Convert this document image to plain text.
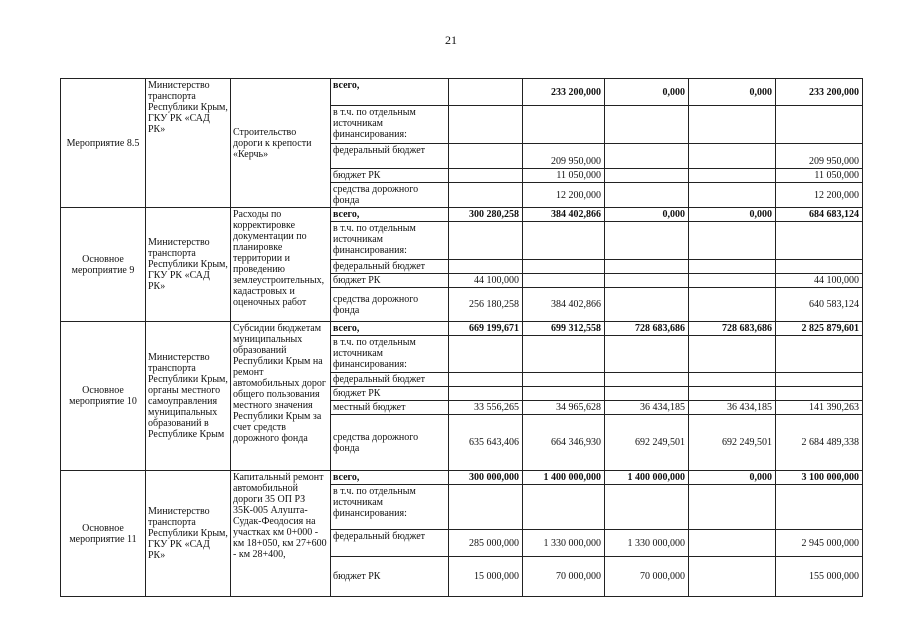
21
Мероприятие 8.5	Министерство транспорта Республики Крым, ГКУ РК «САД РК»	Строительство дороги к крепости «Керчь»	всего,		233 200,000	0,000	0,000	233 200,000
			в т.ч. по отдельным источникам финансирования:					
			федеральный бюджет		209 950,000			209 950,000
			бюджет РК		11 050,000			11 050,000
			средства дорожного фонда		12 200,000			12 200,000
Основное мероприятие 9	Министерство транспорта Республики Крым, ГКУ РК «САД РК»	Расходы по корректировке документации по планировке территории и проведению землеустроительных, кадастровых и оценочных работ	всего,	300 280,258	384 402,866	0,000	0,000	684 683,124
			в т.ч. по отдельным источникам финансирования:					
			федеральный бюджет					
			бюджет РК	44 100,000				44 100,000
			средства дорожного фонда	256 180,258	384 402,866			640 583,124
Основное мероприятие 10	Министерство транспорта Республики Крым, органы местного самоуправления муниципальных образований в Республике Крым	Субсидии бюджетам муниципальных образований Республики Крым на ремонт автомобильных дорог общего пользования местного значения Республики Крым за счет средств дорожного фонда	всего,	669 199,671	699 312,558	728 683,686	728 683,686	2 825 879,601
			в т.ч. по отдельным источникам финансирования:					
			федеральный бюджет					
			бюджет РК					
			местный бюджет	33 556,265	34 965,628	36 434,185	36 434,185	141 390,263
			средства дорожного фонда	635 643,406	664 346,930	692 249,501	692 249,501	2 684 489,338
Основное мероприятие 11	Министерство транспорта Республики Крым, ГКУ РК «САД РК»	Капитальный ремонт автомобильной дороги 35 ОП РЗ 35К-005 Алушта-Судак-Феодосия на участках км 0+000 - км 18+050, км 27+600 - км 28+400,	всего,	300 000,000	1 400 000,000	1 400 000,000	0,000	3 100 000,000
			в т.ч. по отдельным источникам финансирования:					
			федеральный бюджет	285 000,000	1 330 000,000	1 330 000,000		2 945 000,000
			бюджет РК	15 000,000	70 000,000	70 000,000		155 000,000
